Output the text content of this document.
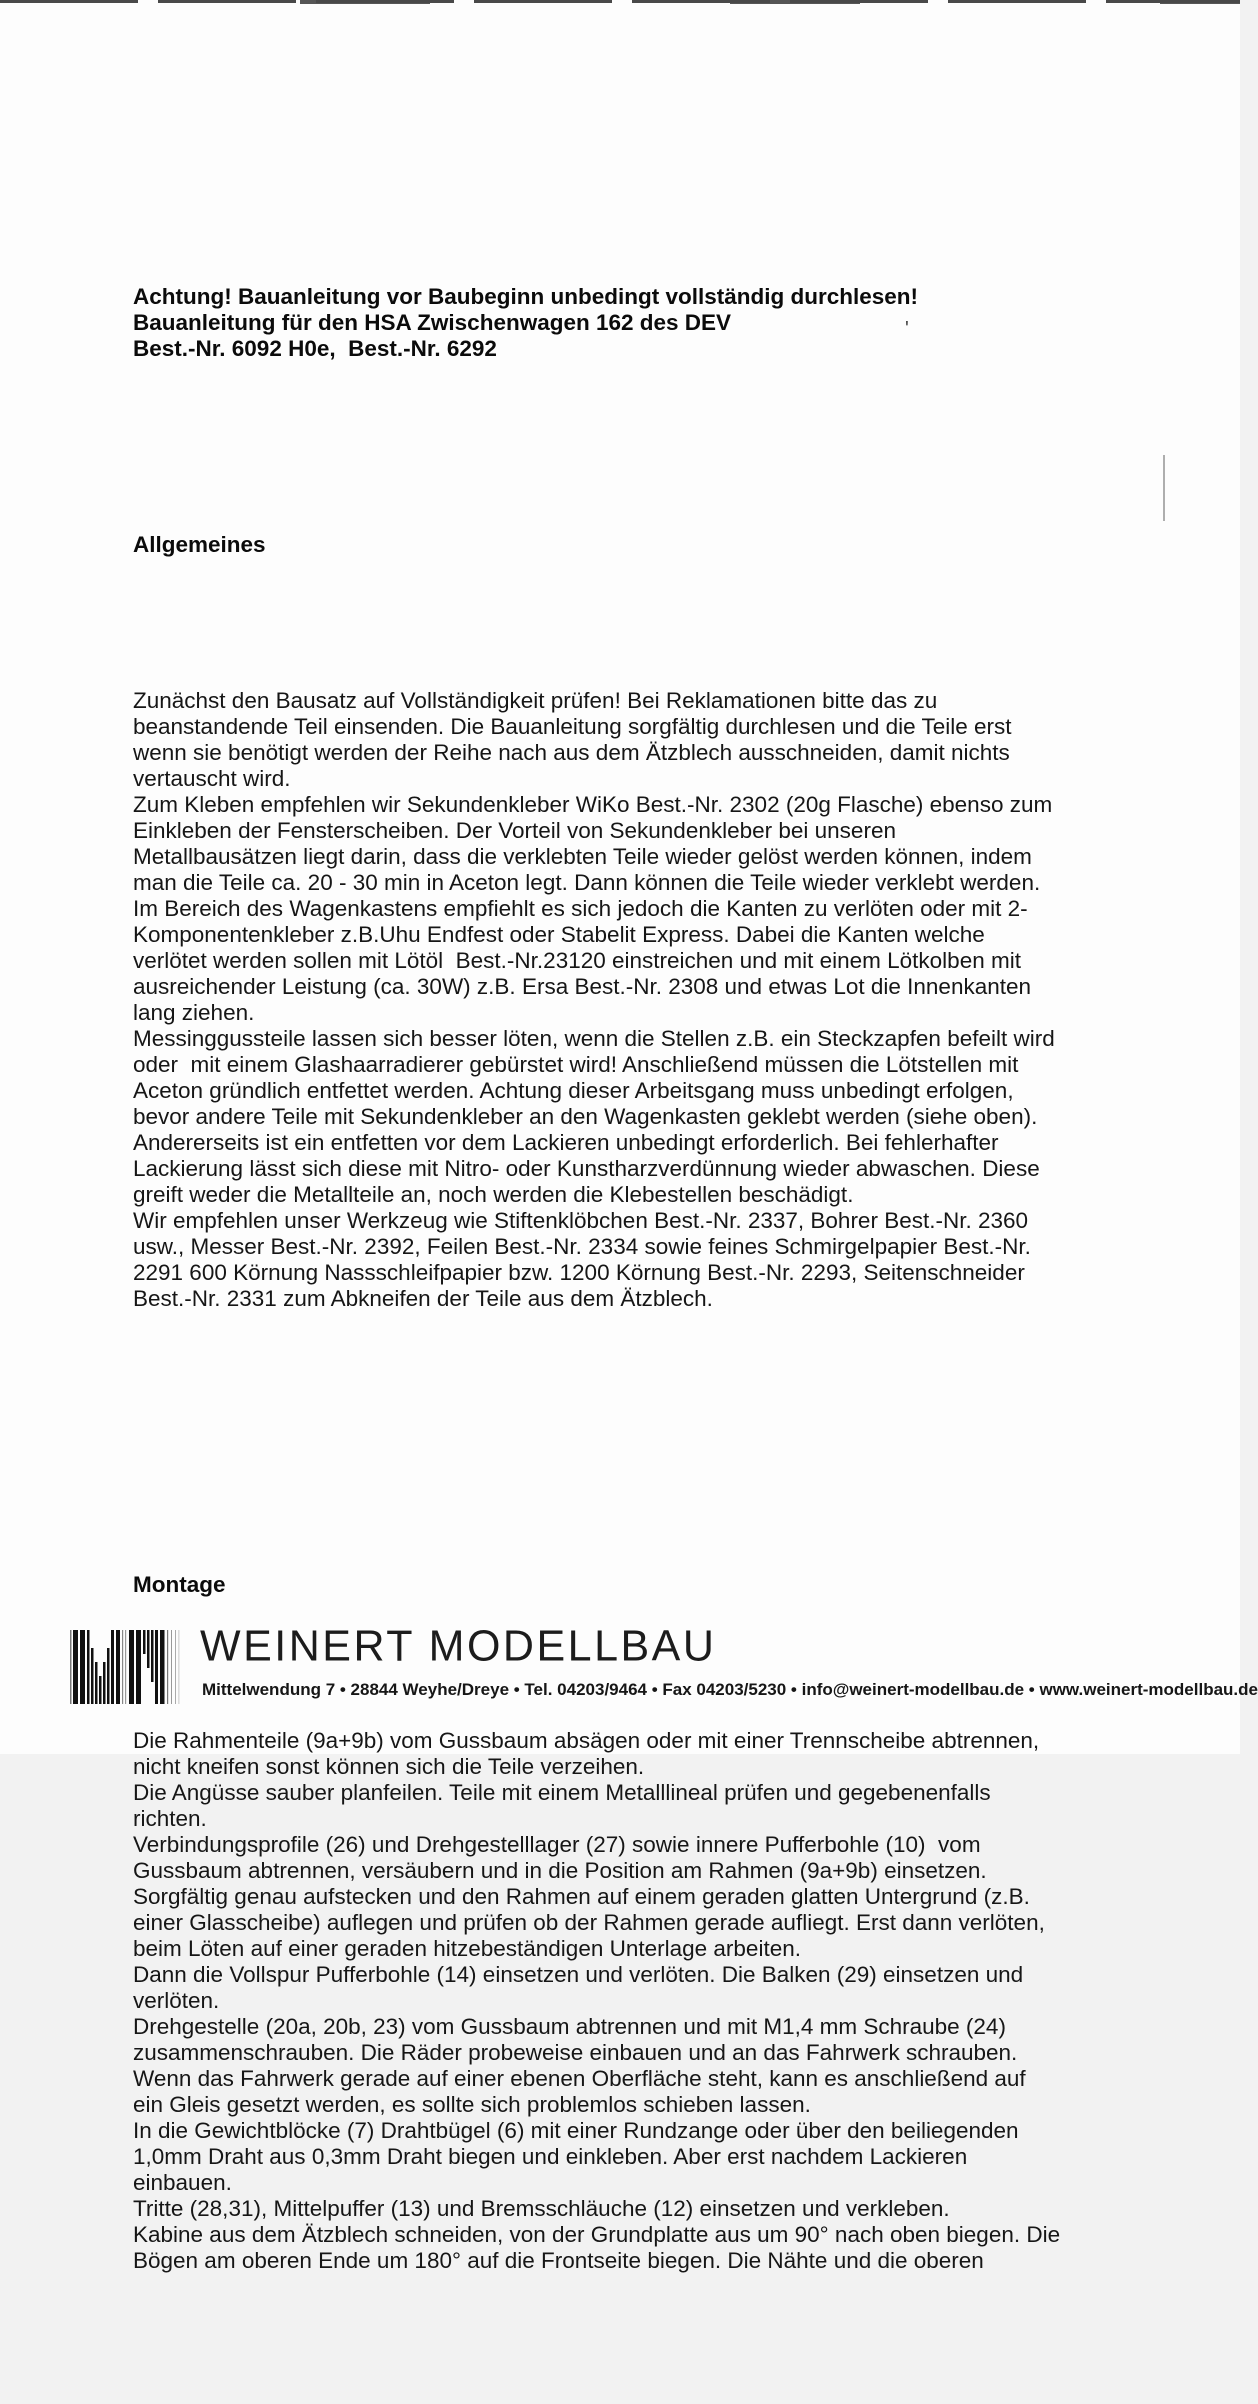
Achtung! Bauanleitung vor Baubeginn unbedingt vollständig durchlesen!
Bauanleitung für den HSA Zwischenwagen 162 des DEV
Best.-Nr. 6092 H0e,  Best.-Nr. 6292

Allgemeines

Zunächst den Bausatz auf Vollständigkeit prüfen! Bei Reklamationen bitte das zu
beanstandende Teil einsenden. Die Bauanleitung sorgfältig durchlesen und die Teile erst
wenn sie benötigt werden der Reihe nach aus dem Ätzblech ausschneiden, damit nichts
vertauscht wird.
Zum Kleben empfehlen wir Sekundenkleber WiKo Best.-Nr. 2302 (20g Flasche) ebenso zum
Einkleben der Fensterscheiben. Der Vorteil von Sekundenkleber bei unseren
Metallbausätzen liegt darin, dass die verklebten Teile wieder gelöst werden können, indem
man die Teile ca. 20 - 30 min in Aceton legt. Dann können die Teile wieder verklebt werden.
Im Bereich des Wagenkastens empfiehlt es sich jedoch die Kanten zu verlöten oder mit 2-
Komponentenkleber z.B.Uhu Endfest oder Stabelit Express. Dabei die Kanten welche
verlötet werden sollen mit Lötöl  Best.-Nr.23120 einstreichen und mit einem Lötkolben mit
ausreichender Leistung (ca. 30W) z.B. Ersa Best.-Nr. 2308 und etwas Lot die Innenkanten
lang ziehen.
Messinggussteile lassen sich besser löten, wenn die Stellen z.B. ein Steckzapfen befeilt wird
oder  mit einem Glashaarradierer gebürstet wird! Anschließend müssen die Lötstellen mit
Aceton gründlich entfettet werden. Achtung dieser Arbeitsgang muss unbedingt erfolgen,
bevor andere Teile mit Sekundenkleber an den Wagenkasten geklebt werden (siehe oben).
Andererseits ist ein entfetten vor dem Lackieren unbedingt erforderlich. Bei fehlerhafter
Lackierung lässt sich diese mit Nitro- oder Kunstharzverdünnung wieder abwaschen. Diese
greift weder die Metallteile an, noch werden die Klebestellen beschädigt.
Wir empfehlen unser Werkzeug wie Stiftenklöbchen Best.-Nr. 2337, Bohrer Best.-Nr. 2360
usw., Messer Best.-Nr. 2392, Feilen Best.-Nr. 2334 sowie feines Schmirgelpapier Best.-Nr.
2291 600 Körnung Nassschleifpapier bzw. 1200 Körnung Best.-Nr. 2293, Seitenschneider
Best.-Nr. 2331 zum Abkneifen der Teile aus dem Ätzblech.

Montage

Die Rahmenteile (9a+9b) vom Gussbaum absägen oder mit einer Trennscheibe abtrennen,
nicht kneifen sonst können sich die Teile verzeihen.
Die Angüsse sauber planfeilen. Teile mit einem Metalllineal prüfen und gegebenenfalls
richten.
Verbindungsprofile (26) und Drehgestelllager (27) sowie innere Pufferbohle (10)  vom
Gussbaum abtrennen, versäubern und in die Position am Rahmen (9a+9b) einsetzen.
Sorgfältig genau aufstecken und den Rahmen auf einem geraden glatten Untergrund (z.B.
einer Glasscheibe) auflegen und prüfen ob der Rahmen gerade aufliegt. Erst dann verlöten,
beim Löten auf einer geraden hitzebeständigen Unterlage arbeiten.
Dann die Vollspur Pufferbohle (14) einsetzen und verlöten. Die Balken (29) einsetzen und
verlöten.
Drehgestelle (20a, 20b, 23) vom Gussbaum abtrennen und mit M1,4 mm Schraube (24)
zusammenschrauben. Die Räder probeweise einbauen und an das Fahrwerk schrauben.
Wenn das Fahrwerk gerade auf einer ebenen Oberfläche steht, kann es anschließend auf
ein Gleis gesetzt werden, es sollte sich problemlos schieben lassen.
In die Gewichtblöcke (7) Drahtbügel (6) mit einer Rundzange oder über den beiliegenden
1,0mm Draht aus 0,3mm Draht biegen und einkleben. Aber erst nachdem Lackieren
einbauen.
Tritte (28,31), Mittelpuffer (13) und Bremsschläuche (12) einsetzen und verkleben.
Kabine aus dem Ätzblech schneiden, von der Grundplatte aus um 90° nach oben biegen. Die
Bögen am oberen Ende um 180° auf die Frontseite biegen. Die Nähte und die oberen

'
WEINERT MODELLBAU
Mittelwendung 7 • 28844 Weyhe/Dreye • Tel. 04203/9464 • Fax 04203/5230 • info@weinert-modellbau.de • www.weinert-modellbau.de
